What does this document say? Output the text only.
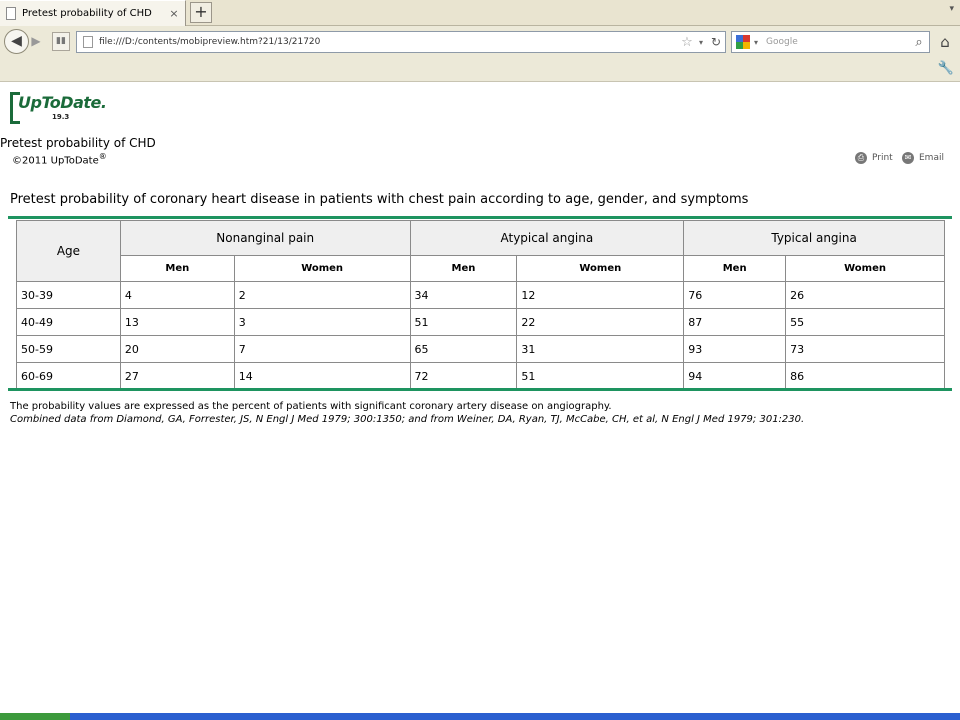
Pretest probability of CHD	× +	▾
◀ ▶	▮▮	file:///D:/contents/mobipreview.htm?21/13/21720	☆ ▾ ↻	▾ Google	⌕	⌂
🔧
UpToDate.
19.3
Pretest probability of CHD
©2011 UpToDate®	⎙ Print	✉ Email
Pretest probability of coronary heart disease in patients with chest pain according to age, gender, and symptoms
Age	Nonanginal pain		Atypical angina		Typical angina	
	Men	Women	Men	Women	Men	Women
30-39	4	2	34	12	76	26
40-49	13	3	51	22	87	55
50-59	20	7	65	31	93	73
60-69	27	14	72	51	94	86
The probability values are expressed as the percent of patients with significant coronary artery disease on angiography.
Combined data from Diamond, GA, Forrester, JS, N Engl J Med 1979; 300:1350; and from Weiner, DA, Ryan, TJ, McCabe, CH, et al, N Engl J Med 1979; 301:230.
